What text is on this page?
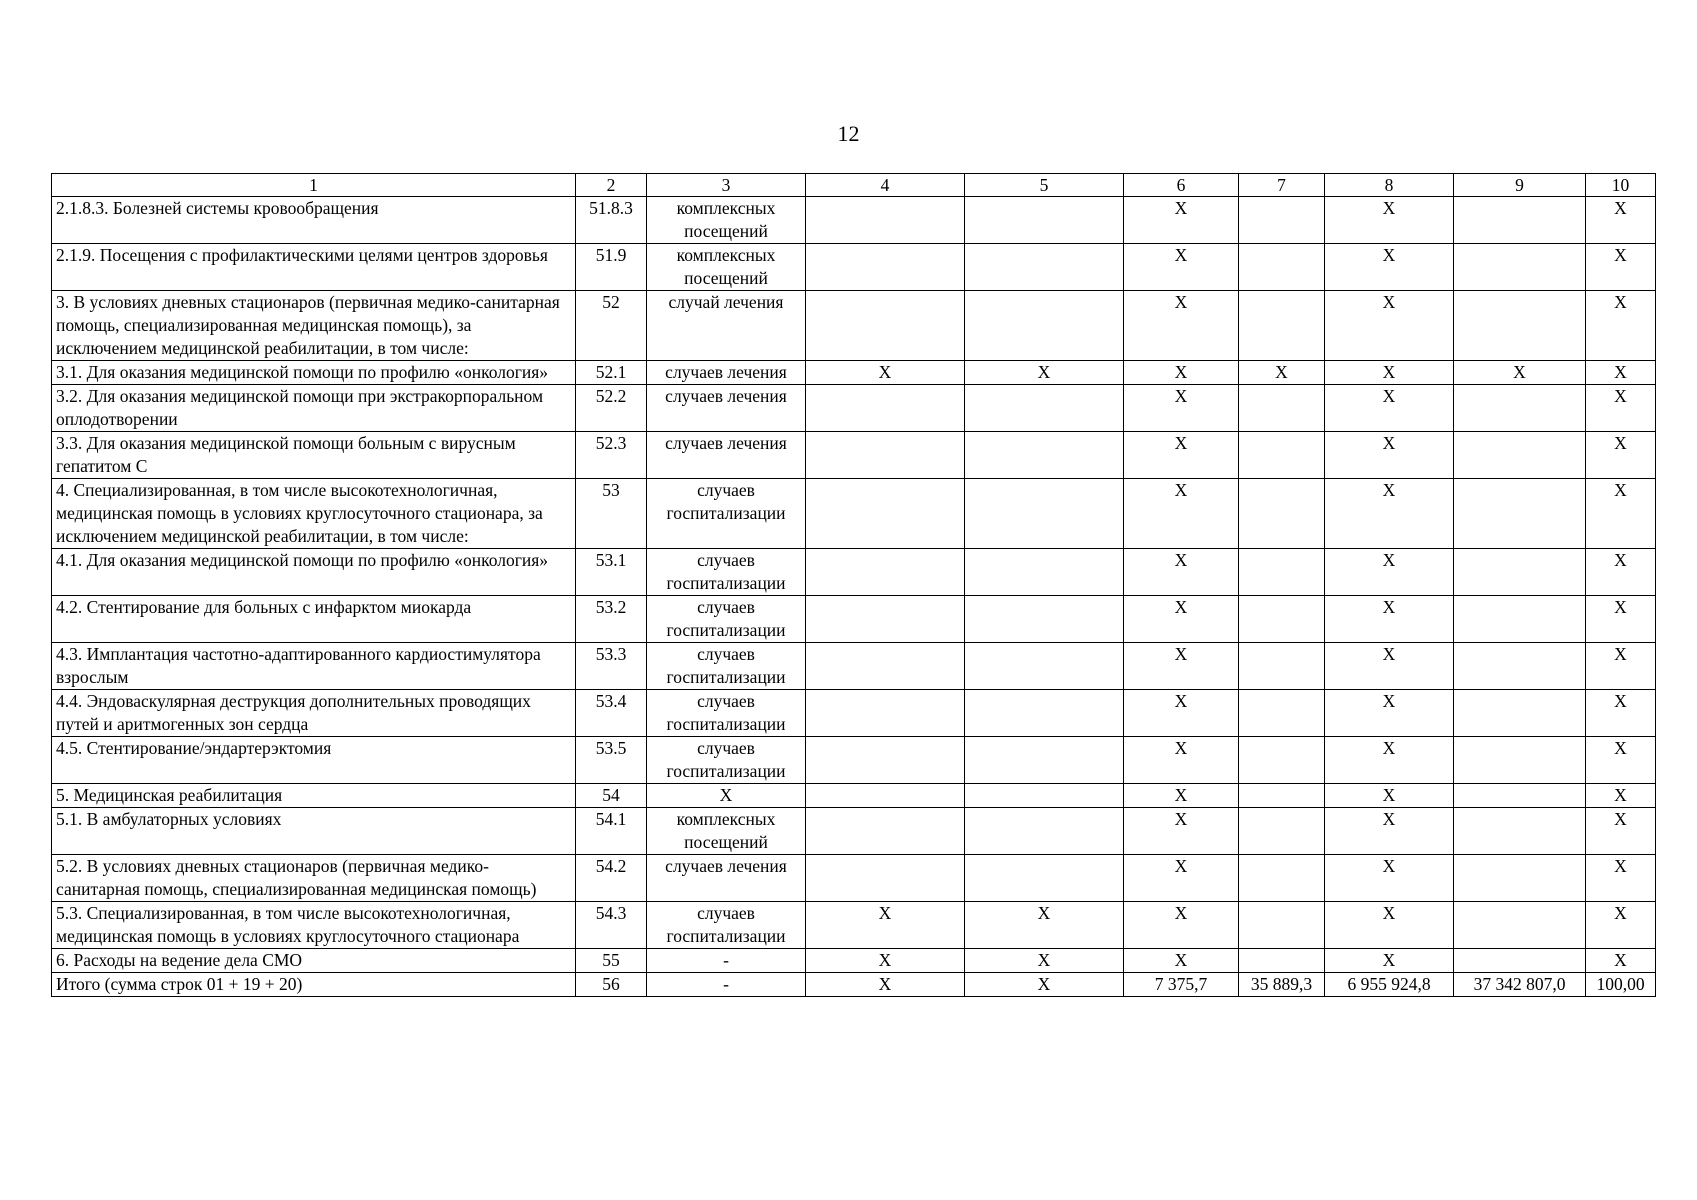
12
1	2	3	4	5	6	7	8	9	10
2.1.8.3. Болезней системы кровообращения	51.8.3	комплексных посещений			Х		Х		Х
2.1.9. Посещения с профилактическими целями центров здоровья	51.9	комплексных посещений			Х		Х		Х
3. В условиях дневных стационаров (первичная медико-санитарная помощь, специализированная медицинская помощь), за исключением медицинской реабилитации, в том числе:	52	случай лечения			Х		Х		Х
3.1. Для оказания медицинской помощи по профилю «онкология»	52.1	случаев лечения	Х	Х	Х	Х	Х	Х	Х
3.2. Для оказания медицинской помощи при экстракорпоральном оплодотворении	52.2	случаев лечения			Х		Х		Х
3.3. Для оказания медицинской помощи больным с вирусным гепатитом С	52.3	случаев лечения			Х		Х		Х
4. Специализированная, в том числе высокотехнологичная, медицинская помощь в условиях круглосуточного стационара, за исключением медицинской реабилитации, в том числе:	53	случаев госпитализации			Х		Х		Х
4.1. Для оказания медицинской помощи по профилю «онкология»	53.1	случаев госпитализации			Х		Х		Х
4.2. Стентирование для больных с инфарктом миокарда	53.2	случаев госпитализации			Х		Х		Х
4.3. Имплантация частотно-адаптированного кардиостимулятора взрослым	53.3	случаев госпитализации			Х		Х		Х
4.4. Эндоваскулярная деструкция дополнительных проводящих путей и аритмогенных зон сердца	53.4	случаев госпитализации			Х		Х		Х
4.5. Стентирование/эндартерэктомия	53.5	случаев госпитализации			Х		Х		Х
5. Медицинская реабилитация	54	Х			Х		Х		Х
5.1. В амбулаторных условиях	54.1	комплексных посещений			Х		Х		Х
5.2. В условиях дневных стационаров (первичная медико-санитарная помощь, специализированная медицинская помощь)	54.2	случаев лечения			Х		Х		Х
5.3. Специализированная, в том числе высокотехнологичная, медицинская помощь в условиях круглосуточного стационара	54.3	случаев госпитализации	Х	Х	Х		Х		Х
6. Расходы на ведение дела СМО	55	-	Х	Х	Х		Х		Х
Итого (сумма строк 01 + 19 + 20)	56	-	Х	Х	7 375,7	35 889,3	6 955 924,8	37 342 807,0	100,00
